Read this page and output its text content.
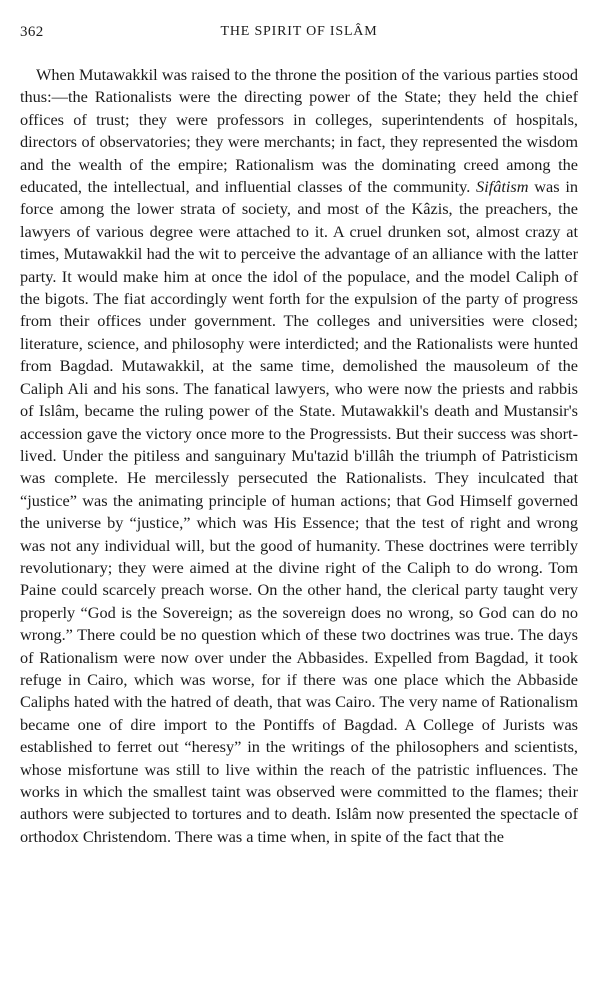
362	THE SPIRIT OF ISLÂM

When Mutawakkil was raised to the throne the position of the various parties stood thus:—the Rationalists were the directing power of the State; they held the chief offices of trust; they were professors in colleges, superintendents of hospitals, directors of observatories; they were merchants; in fact, they represented the wisdom and the wealth of the empire; Rationalism was the dominating creed among the educated, the intellectual, and influential classes of the community. Sifâtism was in force among the lower strata of society, and most of the Kâzis, the preachers, the lawyers of various degree were attached to it. A cruel drunken sot, almost crazy at times, Mutawakkil had the wit to perceive the advantage of an alliance with the latter party. It would make him at once the idol of the populace, and the model Caliph of the bigots. The fiat accordingly went forth for the expulsion of the party of progress from their offices under government. The colleges and universities were closed; literature, science, and philosophy were interdicted; and the Rationalists were hunted from Bagdad. Mutawakkil, at the same time, demolished the mausoleum of the Caliph Ali and his sons. The fanatical lawyers, who were now the priests and rabbis of Islâm, became the ruling power of the State. Mutawakkil's death and Mustansir's accession gave the victory once more to the Progressists. But their success was short-lived. Under the pitiless and sanguinary Mu'tazid b'illâh the triumph of Patristicism was complete. He mercilessly persecuted the Rationalists. They inculcated that “justice” was the animating principle of human actions; that God Himself governed the universe by “justice,” which was His Essence; that the test of right and wrong was not any individual will, but the good of humanity. These doctrines were terribly revolutionary; they were aimed at the divine right of the Caliph to do wrong. Tom Paine could scarcely preach worse. On the other hand, the clerical party taught very properly “God is the Sovereign; as the sovereign does no wrong, so God can do no wrong.” There could be no question which of these two doctrines was true. The days of Rationalism were now over under the Abbasides. Expelled from Bagdad, it took refuge in Cairo, which was worse, for if there was one place which the Abbaside Caliphs hated with the hatred of death, that was Cairo. The very name of Rationalism became one of dire import to the Pontiffs of Bagdad. A College of Jurists was established to ferret out “heresy” in the writings of the philosophers and scientists, whose misfortune was still to live within the reach of the patristic influences. The works in which the smallest taint was observed were committed to the flames; their authors were subjected to tortures and to death. Islâm now presented the spectacle of orthodox Christendom. There was a time when, in spite of the fact that the
